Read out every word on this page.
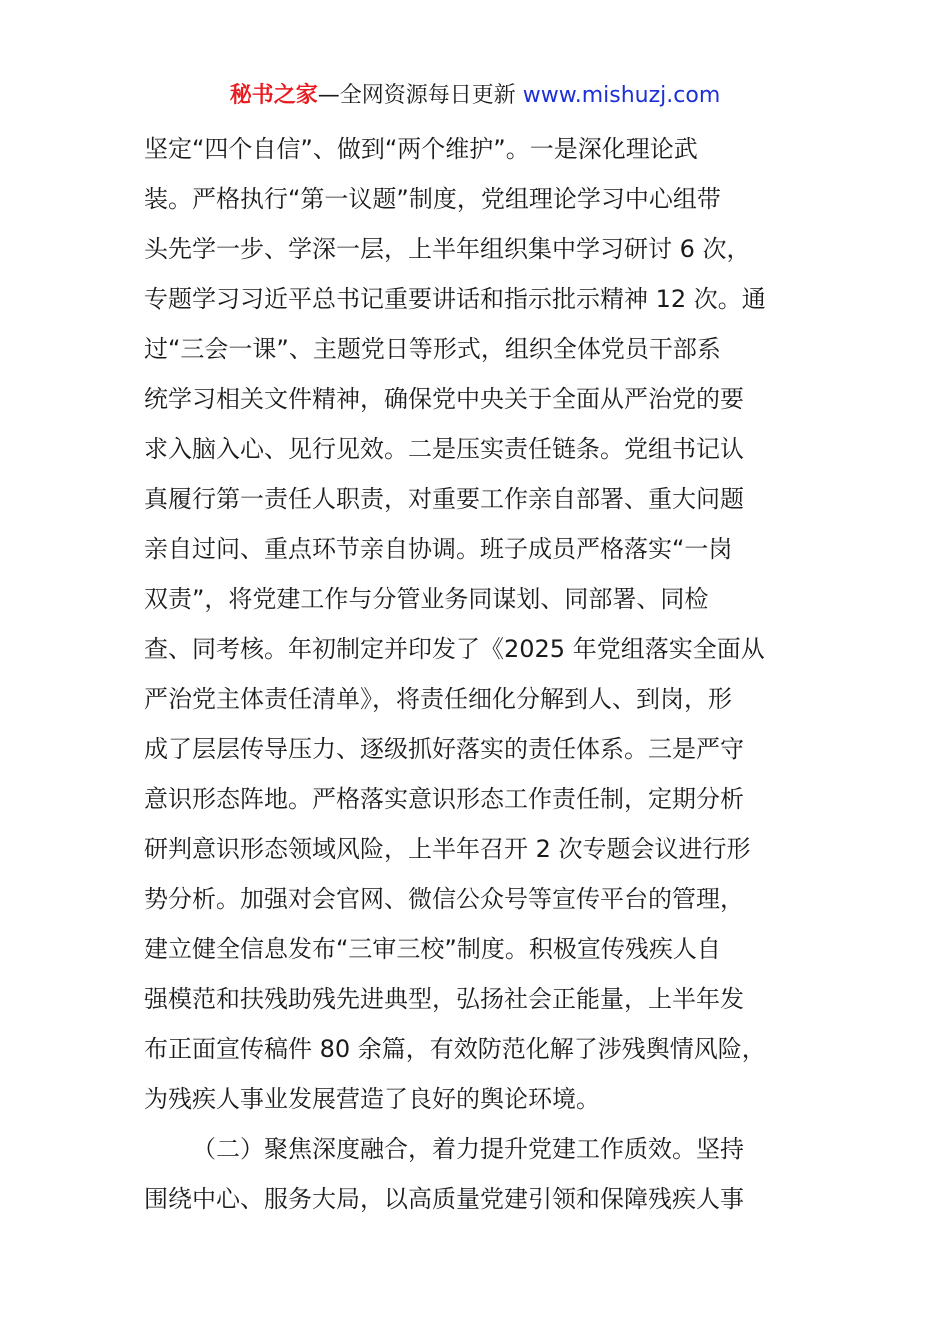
秘书之家—全网资源每日更新 www.mishuzj.com
坚定“四个自信”、做到“两个维护”。一是深化理论武
装。严格执行“第一议题”制度，党组理论学习中心组带
头先学一步、学深一层，上半年组织集中学习研讨 6 次，
专题学习习近平总书记重要讲话和指示批示精神 12 次。通
过“三会一课”、主题党日等形式，组织全体党员干部系
统学习相关文件精神，确保党中央关于全面从严治党的要
求入脑入心、见行见效。二是压实责任链条。党组书记认
真履行第一责任人职责，对重要工作亲自部署、重大问题
亲自过问、重点环节亲自协调。班子成员严格落实“一岗
双责”，将党建工作与分管业务同谋划、同部署、同检
查、同考核。年初制定并印发了《2025 年党组落实全面从
严治党主体责任清单》，将责任细化分解到人、到岗，形
成了层层传导压力、逐级抓好落实的责任体系。三是严守
意识形态阵地。严格落实意识形态工作责任制，定期分析
研判意识形态领域风险，上半年召开 2 次专题会议进行形
势分析。加强对会官网、微信公众号等宣传平台的管理，
建立健全信息发布“三审三校”制度。积极宣传残疾人自
强模范和扶残助残先进典型，弘扬社会正能量，上半年发
布正面宣传稿件 80 余篇，有效防范化解了涉残舆情风险，
为残疾人事业发展营造了良好的舆论环境。
（二）聚焦深度融合，着力提升党建工作质效。坚持
围绕中心、服务大局，以高质量党建引领和保障残疾人事
